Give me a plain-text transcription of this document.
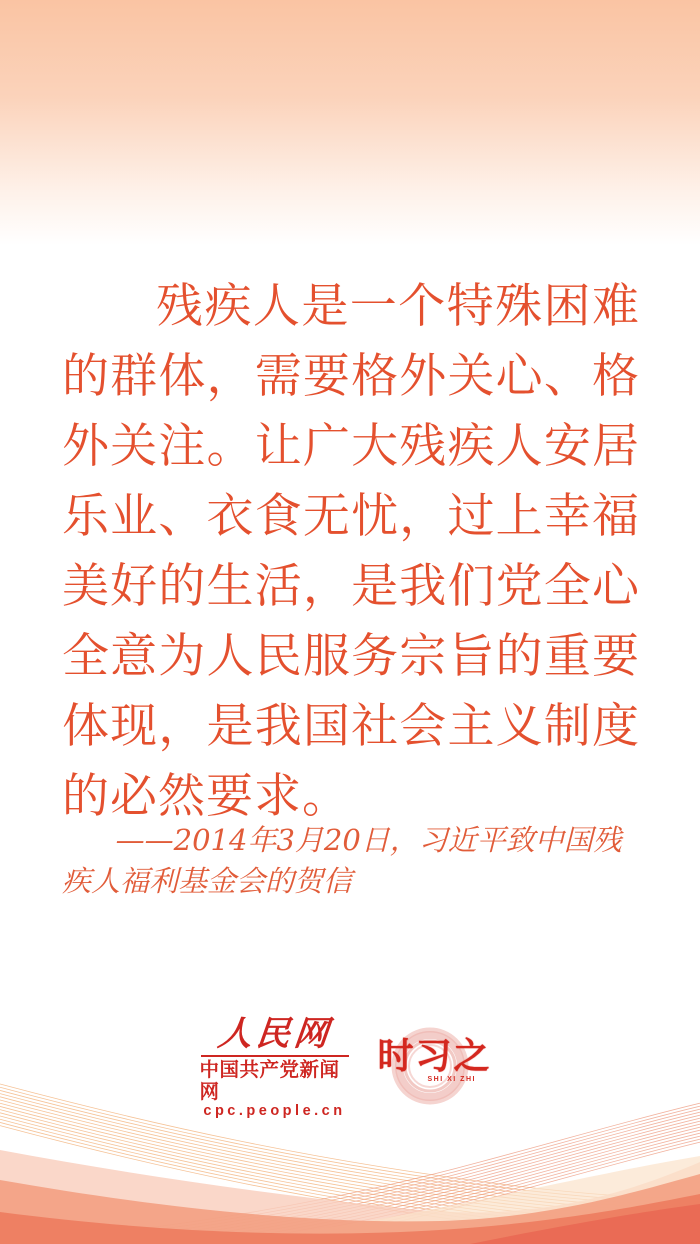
残疾人是一个特殊困难的群体，需要格外关心、格外关注。让广大残疾人安居乐业、衣食无忧，过上幸福美好的生活，是我们党全心全意为人民服务宗旨的重要体现，是我国社会主义制度的必然要求。

——2014年3月20日，习近平致中国残疾人福利基金会的贺信

人民网
中国共产党新闻网
cpc.people.cn
时习之
SHI XI ZHI
